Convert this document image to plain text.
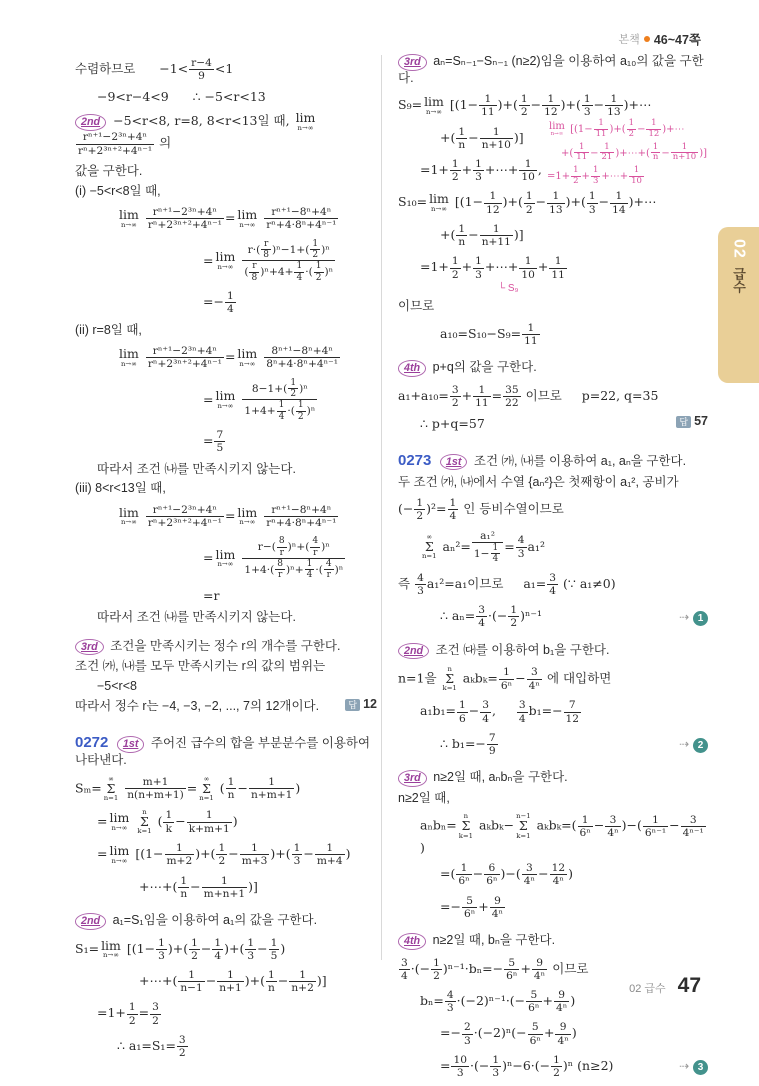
본책 46~47쪽
02
급수
수렴하므로      $-1< \frac{r-4}{9} <1$
−9<r−4<9      ∴ −5<r<13
2nd −5<r<8, r=8, 8<r<13일 때, lim
n→∞

$\frac{\text{rⁿ⁺¹−2³ⁿ+4ⁿ}}{\text{rⁿ+2³ⁿ⁺²+4ⁿ⁻¹}}$ 의
값을 구한다.
(i) −5<r<8일 때,
lim
n→∞
$\frac{\text{rⁿ⁺¹−2³ⁿ+4ⁿ}}{\text{rⁿ+2³ⁿ⁺²+4ⁿ⁻¹}} = \lim$
n→∞
$\frac{\text{rⁿ⁺¹−8ⁿ+4ⁿ}}{\text{rⁿ+4·8ⁿ+4ⁿ⁻¹}}$
= lim
n→∞
$\frac{r\cdot( \frac{r}{8} )^n-1+( \frac{1}{2} )^n}{( \frac{r}{8} )^n+4+ \frac{1}{4} \cdot( \frac{1}{2} )^n}$
=− $\frac{1}{4}$
(ii) r=8일 때,
lim
n→∞
$\frac{\text{rⁿ⁺¹−2³ⁿ+4ⁿ}}{\text{rⁿ+2³ⁿ⁺²+4ⁿ⁻¹}} = \lim$
n→∞
$\frac{\text{8ⁿ⁺¹−8ⁿ+4ⁿ}}{\text{8ⁿ+4·8ⁿ+4ⁿ⁻¹}}$
= lim
n→∞
$\frac{8-1+( \frac{1}{2} )^n}{1+4+ \frac{1}{4} \cdot( \frac{1}{2} )^n}$
= $\frac{7}{5}$
따라서 조건 ㈏를 만족시키지 않는다.
(iii) 8<r<13일 때,
lim
n→∞
$\frac{\text{rⁿ⁺¹−2³ⁿ+4ⁿ}}{\text{rⁿ+2³ⁿ⁺²+4ⁿ⁻¹}} = \lim$
n→∞
$\frac{\text{rⁿ⁺¹−8ⁿ+4ⁿ}}{\text{rⁿ+4·8ⁿ+4ⁿ⁻¹}}$
= lim
n→∞
$\frac{r-( \frac{8}{r} )^n+( \frac{4}{r} )^n}{1+4\cdot( \frac{8}{r} )^n+ \frac{1}{4} \cdot( \frac{4}{r} )^n}$
=r
따라서 조건 ㈏를 만족시키지 않는다.
3rd 조건을 만족시키는 정수 r의 개수를 구한다.
조건 ㈎, ㈏를 모두 만족시키는 r의 값의 범위는
−5<r<8
따라서 정수 r는 −4, −3, −2, ..., 7의 12개이다.	답 12
0272 1st 주어진 급수의 합을 부분분수를 이용하여 나타낸다.
Sₘ=
∞
Σ
n=1
$\frac{m+1}{n(n+m+1)}$ =
∞
Σ
n=1
( $\frac{1}{n} - \frac{1}{n+m+1}$ )
= lim
n→∞

n
Σ
k=1
( $\frac{1}{k} - \frac{1}{k+m+1}$ )
= lim
n→∞ [($1- \frac{1}{m+2}$ )+( $\frac{1}{2} - \frac{1}{m+3}$ )+( $\frac{1}{3} - \frac{1}{m+4}$ )
+⋯+( $\frac{1}{n} - \frac{1}{m+n+1}$ )]
2nd a₁=S₁임을 이용하여 a₁의 값을 구한다.
S₁= lim
n→∞ [($1- \frac{1}{3}$ )+( $\frac{1}{2} - \frac{1}{4}$ )+( $\frac{1}{3} - \frac{1}{5}$ )
+⋯+( $\frac{1}{n-1} - \frac{1}{n+1}$ )+( $\frac{1}{n} - \frac{1}{n+2}$ )]
$=1+ \frac{1}{2} = \frac{3}{2}$
∴ $a_1=S_1= \frac{3}{2}$
3rd aₙ=Sₙ₋₁−Sₙ₋₁ (n≥2)임을 이용하여 a₁₀의 값을 구한다.
S₉= lim
n→∞ [($1- \frac{1}{11}$ )+( $\frac{1}{2} - \frac{1}{12}$ )+( $\frac{1}{3} - \frac{1}{13}$ )+⋯
+( $\frac{1}{n} - \frac{1}{n+10}$ )]
$=1+ \frac{1}{2} + \frac{1}{3}$ +⋯+ $\frac{1}{10}$ ,
S₁₀= lim
n→∞ [($1- \frac{1}{12}$ )+( $\frac{1}{2} - \frac{1}{13}$ )+( $\frac{1}{3} - \frac{1}{14}$ )+⋯
+( $\frac{1}{n} - \frac{1}{n+11}$ )]
$=1+ \frac{1}{2} + \frac{1}{3}$ +⋯+ $\frac{1}{10} + \frac{1}{11}$
└ S₉
이므로
$a_{10}=S_{10}-S_9= \frac{1}{11}$
4th p+q의 값을 구한다.
$a_1+a_{10}= \frac{3}{2} + \frac{1}{11} = \frac{35}{22}$ 이므로     p=22, q=35
∴ p+q=57	답 57
0273 1st 조건 ㈎, ㈏를 이용하여 a₁, aₙ을 구한다.
두 조건 ㈎, ㈏에서 수열 {aₙ²}은 첫째항이 a₁², 공비가
(− $\frac{1}{2} )^2= \frac{1}{4}$ 인 등비수열이므로
∞
Σ
n=1
$a_n^2= \frac{\text{a₁²}}{1- \frac{1}{4}} = \frac{4}{3} a_1^2$
즉 $\frac{4}{3} a_1^2=a_1$이므로     $a_1= \frac{3}{4}$ (∵ a₁≠0)
∴ $a_n= \frac{3}{4}$ ·(− $\frac{1}{2} )^{n-1}$	⇢ 1
2nd 조건 ㈐를 이용하여 b₁을 구한다.
n=1을
n
Σ
k=1
$a_kb_k= \frac{1}{\text{6ⁿ}} - \frac{3}{\text{4ⁿ}}$ 에 대입하면
$a_1b_1= \frac{1}{6} - \frac{3}{4}$ , $\frac{3}{4} b_1=- \frac{7}{12}$
∴ $b_1=- \frac{7}{9}$
	⇢ 2
3rd n≥2일 때, aₙbₙ을 구한다.
n≥2일 때,
aₙbₙ=
n
Σ
k=1
aₖbₖ−
n−1
Σ
k=1
$a_kb_k=( \frac{1}{\text{6ⁿ}} - \frac{3}{\text{4ⁿ}}$ )−( $\frac{1}{\text{6ⁿ⁻¹}} - \frac{3}{\text{4ⁿ⁻¹}}$
)
=( $\frac{1}{\text{6ⁿ}} - \frac{6}{\text{6ⁿ}}$ )−( $\frac{3}{\text{4ⁿ}} - \frac{12}{\text{4ⁿ}}$ )
=− $\frac{5}{\text{6ⁿ}} + \frac{9}{\text{4ⁿ}}$
4th n≥2일 때, bₙ을 구한다.
$\frac{3}{4}$ ·(− $\frac{1}{2} )^{n-1}\cdot b_n=- \frac{5}{\text{6ⁿ}} + \frac{9}{\text{4ⁿ}}$ 이므로
$b_n= \frac{4}{3} \cdot(-2)^{n-1}\cdot(- \frac{5}{\text{6ⁿ}} + \frac{9}{\text{4ⁿ}}$ )
=− $\frac{2}{3} \cdot(-2)^n(- \frac{5}{\text{6ⁿ}} + \frac{9}{\text{4ⁿ}}$ )
= $\frac{10}{3}$ ·(− $\frac{1}{3} )^n-6\cdot(- \frac{1}{2} )^n$ (n≥2)	⇢ 3
lim
n→∞ [($1- \frac{1}{11}$ )+( $\frac{1}{2} - \frac{1}{12}$ )+⋯
+( $\frac{1}{11} - \frac{1}{21}$ )+⋯+( $\frac{1}{n} - \frac{1}{n+10}$ )]
$=1+ \frac{1}{2} + \frac{1}{3}$ +⋯+ $\frac{1}{10}$
02 급수 47
